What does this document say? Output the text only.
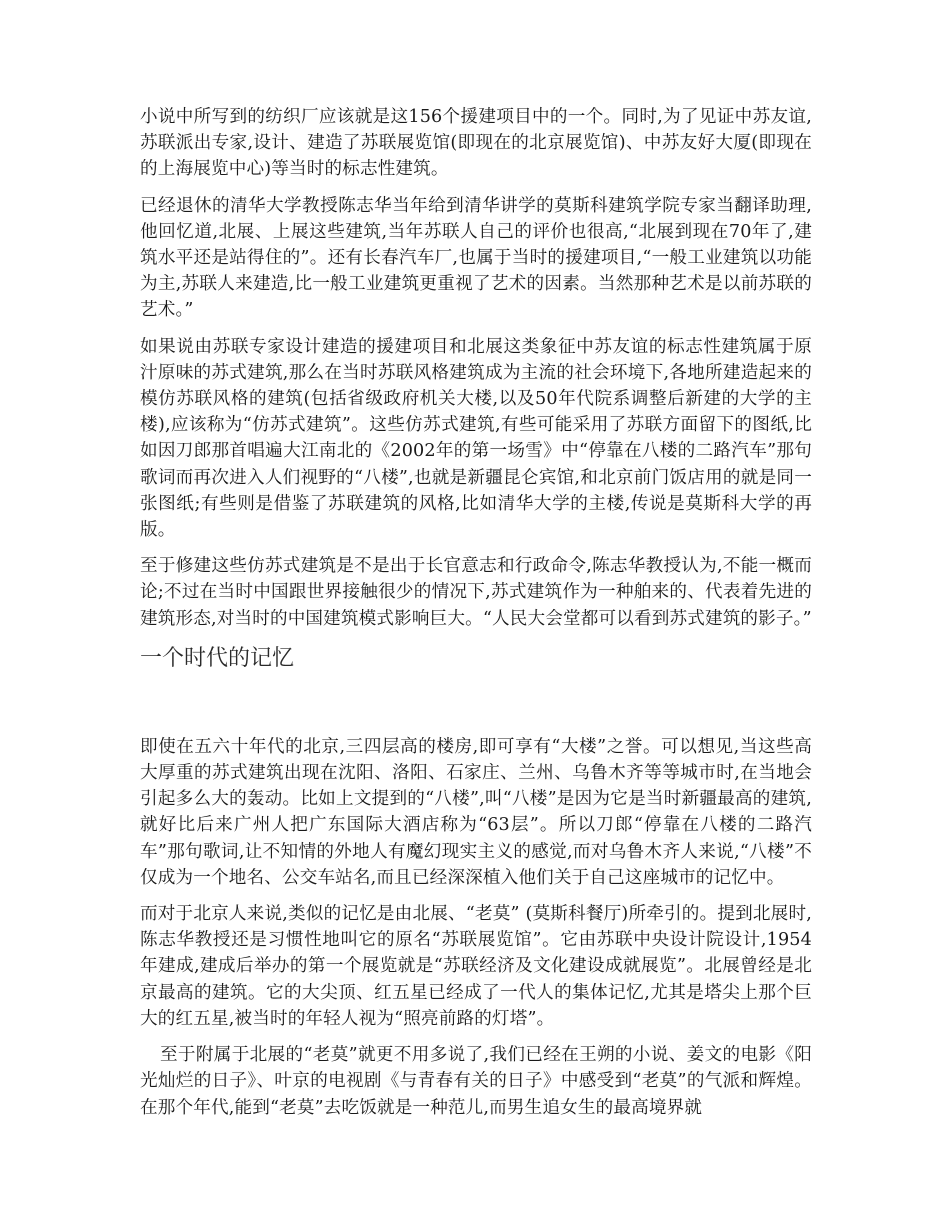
小说中所写到的纺织厂应该就是这156个援建项目中的一个。同时,为了见证中苏友谊,苏联派出专家,设计、建造了苏联展览馆(即现在的北京展览馆)、中苏友好大厦(即现在的上海展览中心)等当时的标志性建筑。

已经退休的清华大学教授陈志华当年给到清华讲学的莫斯科建筑学院专家当翻译助理,他回忆道,北展、上展这些建筑,当年苏联人自己的评价也很高,“北展到现在70年了,建筑水平还是站得住的”。还有长春汽车厂,也属于当时的援建项目,“一般工业建筑以功能为主,苏联人来建造,比一般工业建筑更重视了艺术的因素。当然那种艺术是以前苏联的艺术。”

如果说由苏联专家设计建造的援建项目和北展这类象征中苏友谊的标志性建筑属于原汁原味的苏式建筑,那么在当时苏联风格建筑成为主流的社会环境下,各地所建造起来的模仿苏联风格的建筑(包括省级政府机关大楼,以及50年代院系调整后新建的大学的主楼),应该称为“仿苏式建筑”。这些仿苏式建筑,有些可能采用了苏联方面留下的图纸,比如因刀郎那首唱遍大江南北的《2002年的第一场雪》中“停靠在八楼的二路汽车”那句歌词而再次进入人们视野的“八楼”,也就是新疆昆仑宾馆,和北京前门饭店用的就是同一张图纸;有些则是借鉴了苏联建筑的风格,比如清华大学的主楼,传说是莫斯科大学的再版。

至于修建这些仿苏式建筑是不是出于长官意志和行政命令,陈志华教授认为,不能一概而论;不过在当时中国跟世界接触很少的情况下,苏式建筑作为一种舶来的、代表着先进的建筑形态,对当时的中国建筑模式影响巨大。“人民大会堂都可以看到苏式建筑的影子。”

一个时代的记忆

即使在五六十年代的北京,三四层高的楼房,即可享有“大楼”之誉。可以想见,当这些高大厚重的苏式建筑出现在沈阳、洛阳、石家庄、兰州、乌鲁木齐等等城市时,在当地会引起多么大的轰动。比如上文提到的“八楼”,叫“八楼”是因为它是当时新疆最高的建筑,就好比后来广州人把广东国际大酒店称为“63层”。所以刀郎“停靠在八楼的二路汽车”那句歌词,让不知情的外地人有魔幻现实主义的感觉,而对乌鲁木齐人来说,“八楼”不仅成为一个地名、公交车站名,而且已经深深植入他们关于自己这座城市的记忆中。

而对于北京人来说,类似的记忆是由北展、“老莫” (莫斯科餐厅)所牵引的。提到北展时,陈志华教授还是习惯性地叫它的原名“苏联展览馆”。它由苏联中央设计院设计,1954年建成,建成后举办的第一个展览就是“苏联经济及文化建设成就展览”。北展曾经是北京最高的建筑。它的大尖顶、红五星已经成了一代人的集体记忆,尤其是塔尖上那个巨大的红五星,被当时的年轻人视为“照亮前路的灯塔”。

至于附属于北展的“老莫”就更不用多说了,我们已经在王朔的小说、姜文的电影《阳光灿烂的日子》、叶京的电视剧《与青春有关的日子》中感受到“老莫”的气派和辉煌。在那个年代,能到“老莫”去吃饭就是一种范儿,而男生追女生的最高境界就
